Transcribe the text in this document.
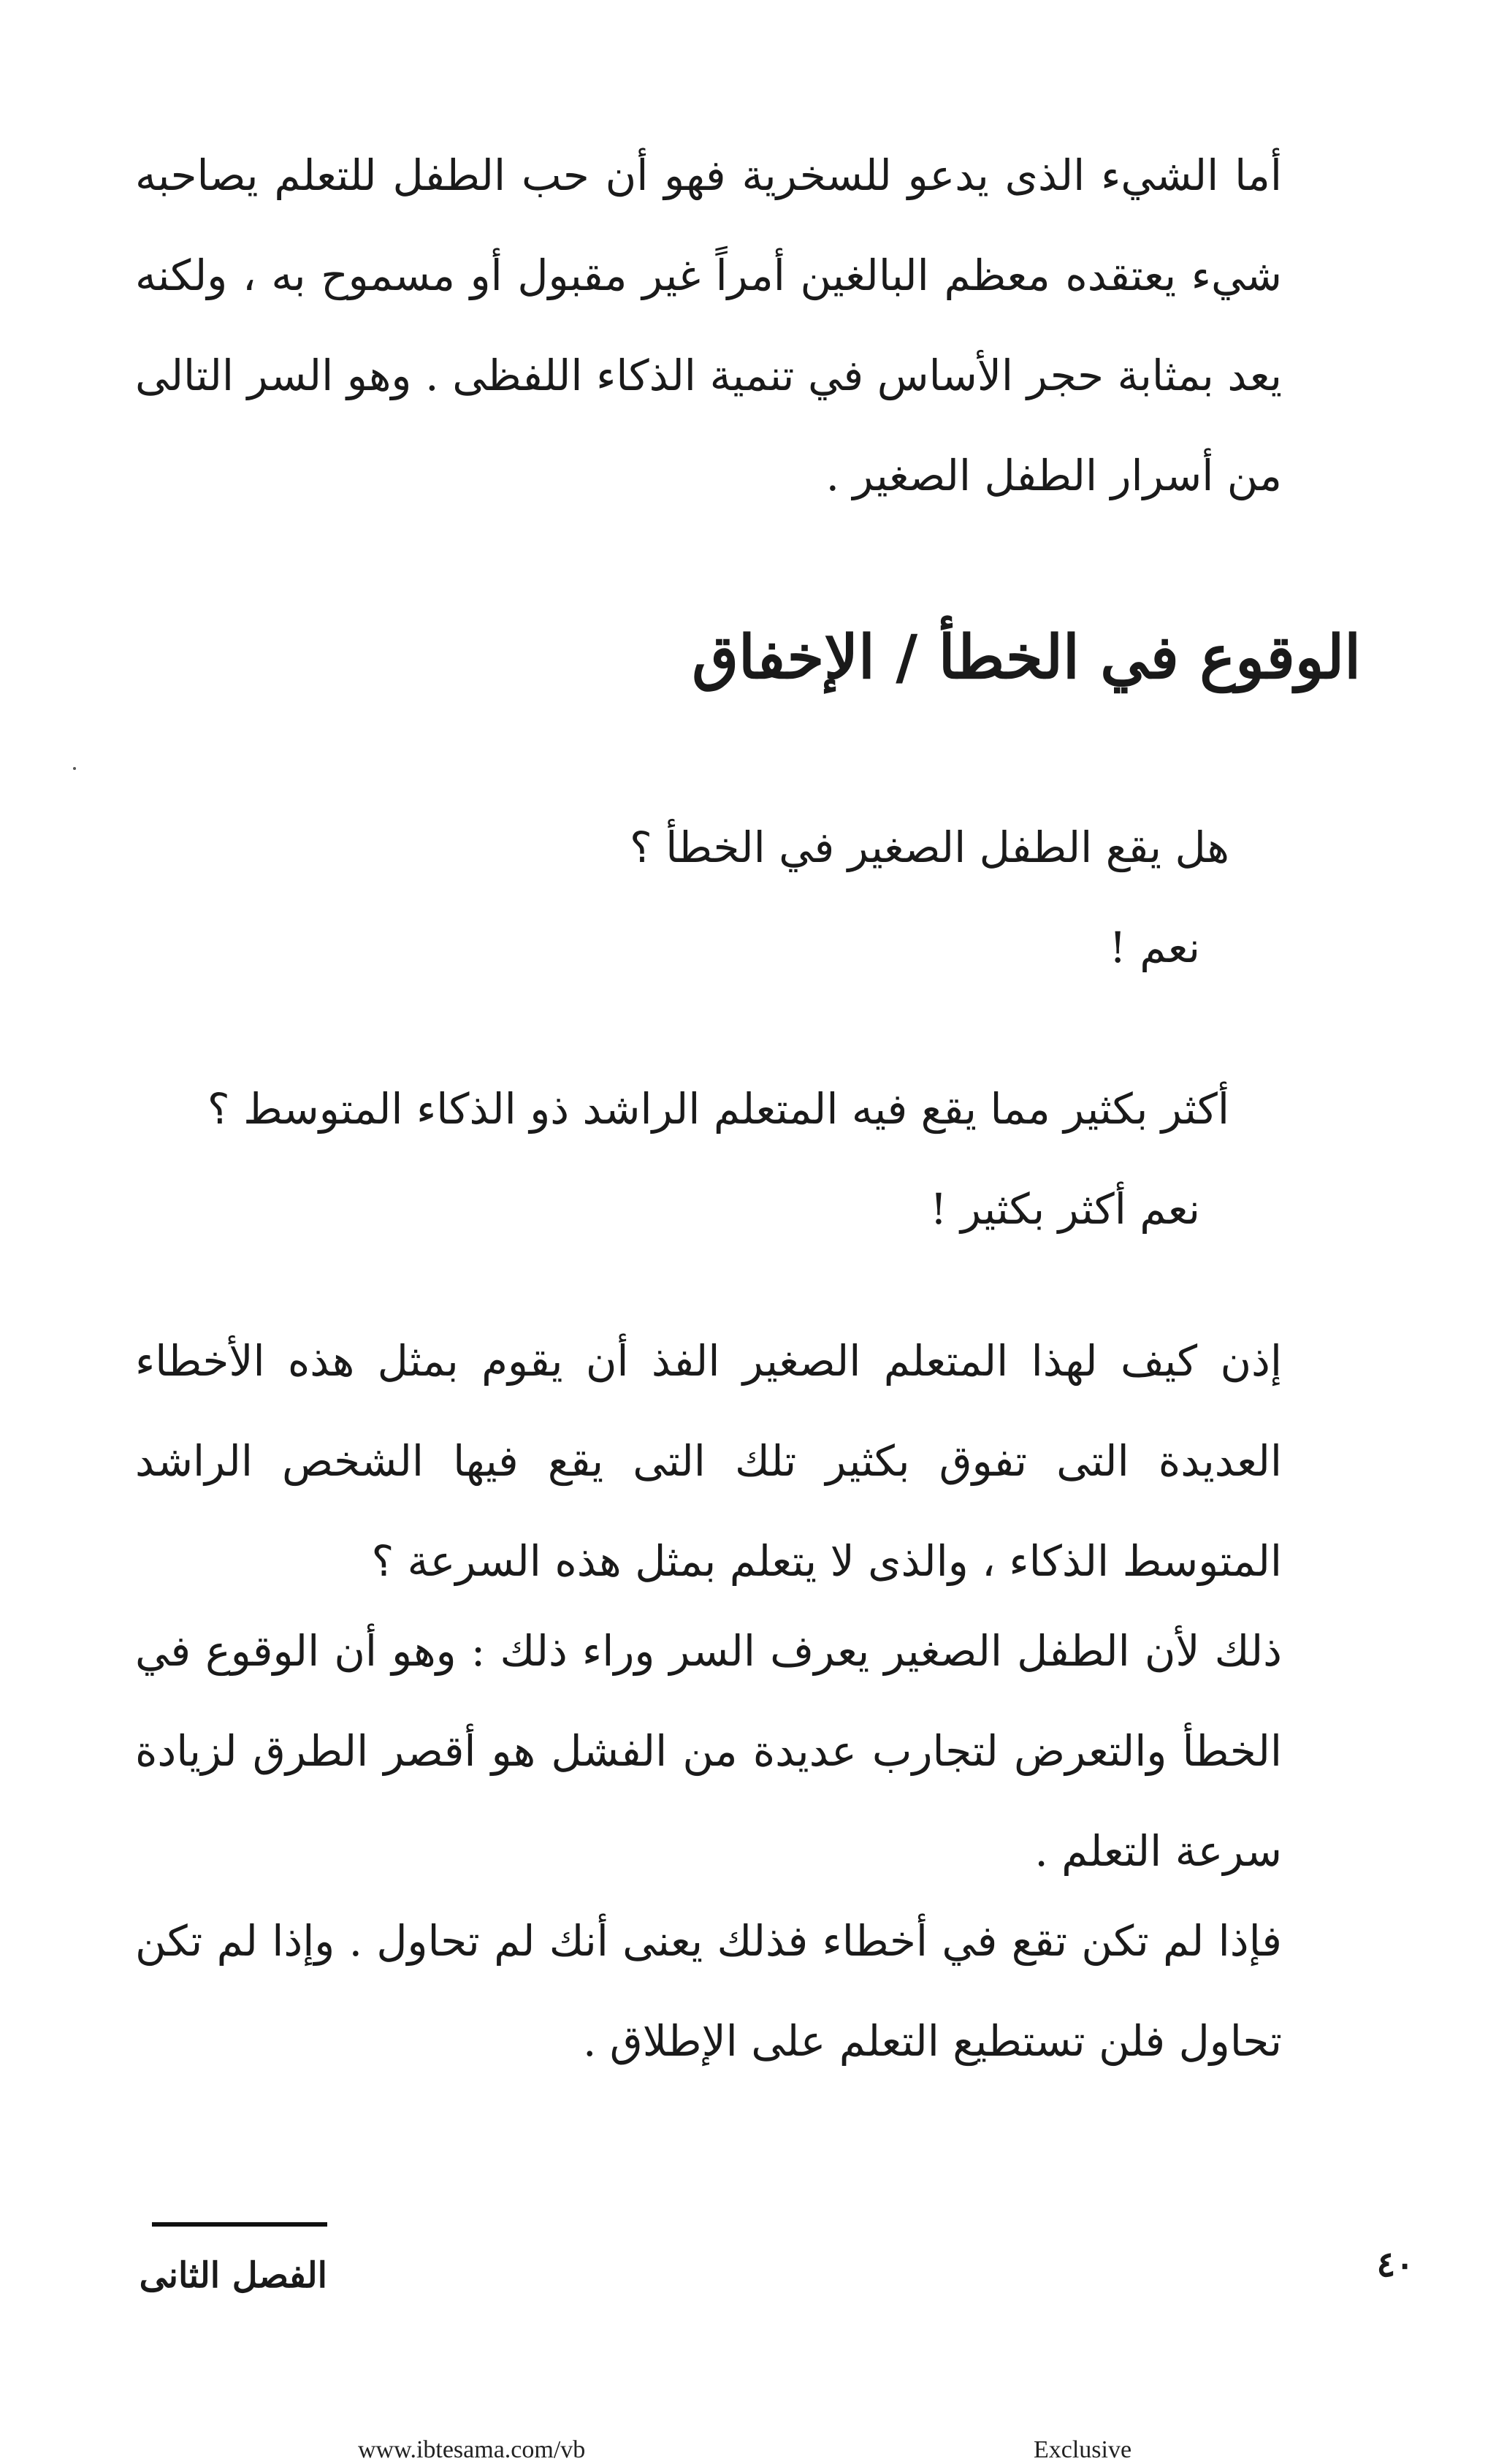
أما الشيء الذى يدعو للسخرية فهو أن حب الطفل للتعلم يصاحبه شيء يعتقده معظم البالغين أمراً غير مقبول أو مسموح به ، ولكنه يعد بمثابة حجر الأساس في تنمية الذكاء اللفظى . وهو السر التالى من أسرار الطفل الصغير .

الوقوع في الخطأ / الإخفاق
هل يقع الطفل الصغير في الخطأ ؟
نعم !
أكثر بكثير مما يقع فيه المتعلم الراشد ذو الذكاء المتوسط ؟
نعم أكثر بكثير !

إذن كيف لهذا المتعلم الصغير الفذ أن يقوم بمثل هذه الأخطاء العديدة التى تفوق بكثير تلك التى يقع فيها الشخص الراشد المتوسط الذكاء ، والذى لا يتعلم بمثل هذه السرعة ؟

ذلك لأن الطفل الصغير يعرف السر وراء ذلك : وهو أن الوقوع في الخطأ والتعرض لتجارب عديدة من الفشل هو أقصر الطرق لزيادة سرعة التعلم .

فإذا لم تكن تقع في أخطاء فذلك يعنى أنك لم تحاول . وإذا لم تكن تحاول فلن تستطيع التعلم على الإطلاق .

الفصل الثانى	٤٠
www.ibtesama.com/vb	Exclusive
